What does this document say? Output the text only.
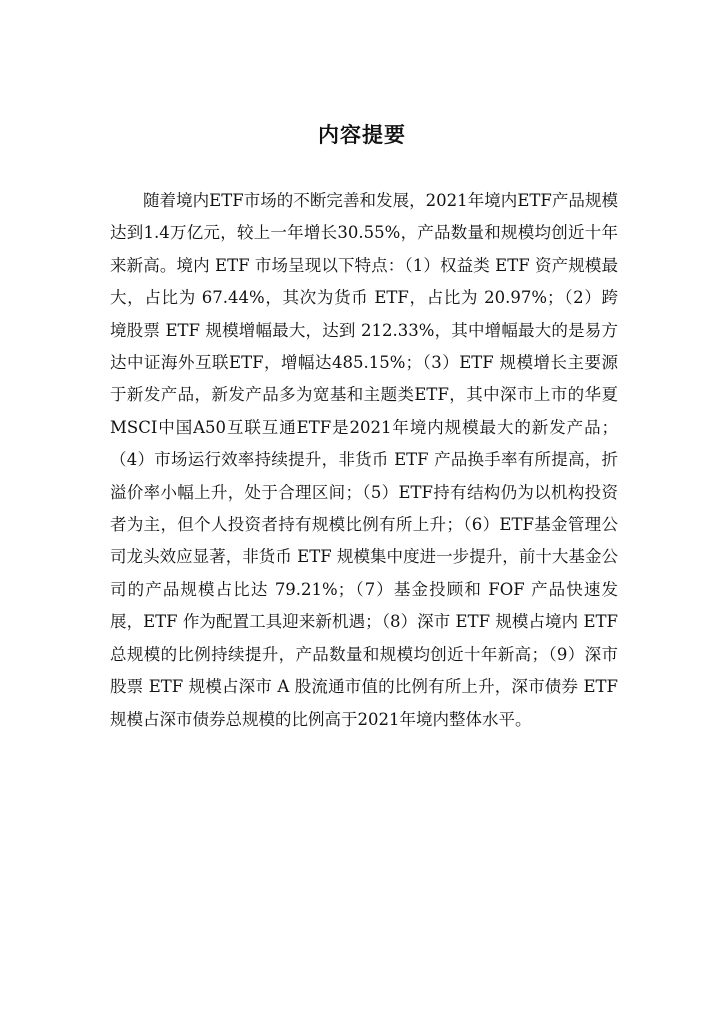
内容提要

随着境内ETF市场的不断完善和发展，2021年境内ETF产品规模达到1.4万亿元，较上一年增长30.55%，产品数量和规模均创近十年来新高。境内 ETF 市场呈现以下特点：（1）权益类 ETF 资产规模最大，占比为 67.44%，其次为货币 ETF，占比为 20.97%；（2）跨境股票 ETF 规模增幅最大，达到 212.33%，其中增幅最大的是易方达中证海外互联ETF，增幅达485.15%；（3）ETF 规模增长主要源于新发产品，新发产品多为宽基和主题类ETF，其中深市上市的华夏MSCI中国A50互联互通ETF是2021年境内规模最大的新发产品；（4）市场运行效率持续提升，非货币 ETF 产品换手率有所提高，折溢价率小幅上升，处于合理区间；（5）ETF持有结构仍为以机构投资者为主，但个人投资者持有规模比例有所上升；（6）ETF基金管理公司龙头效应显著，非货币 ETF 规模集中度进一步提升，前十大基金公司的产品规模占比达 79.21%；（7）基金投顾和 FOF 产品快速发展，ETF 作为配置工具迎来新机遇；（8）深市 ETF 规模占境内 ETF 总规模的比例持续提升，产品数量和规模均创近十年新高；（9）深市股票 ETF 规模占深市 A 股流通市值的比例有所上升，深市债券 ETF 规模占深市债券总规模的比例高于2021年境内整体水平。
